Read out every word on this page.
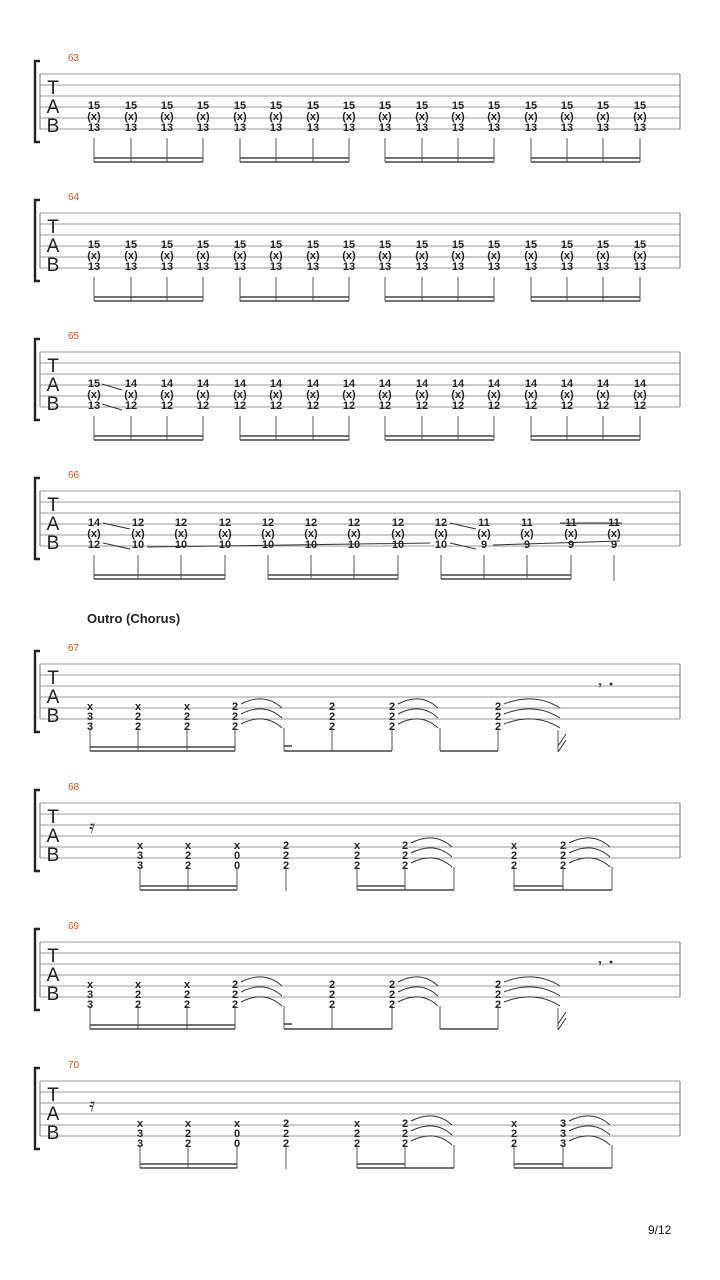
T
A
B
63
15
(x)
13
15
(x)
13
15
(x)
13
15
(x)
13
15
(x)
13
15
(x)
13
15
(x)
13
15
(x)
13
15
(x)
13
15
(x)
13
15
(x)
13
15
(x)
13
15
(x)
13
15
(x)
13
15
(x)
13
15
(x)
13
T
A
B
64
15
(x)
13
15
(x)
13
15
(x)
13
15
(x)
13
15
(x)
13
15
(x)
13
15
(x)
13
15
(x)
13
15
(x)
13
15
(x)
13
15
(x)
13
15
(x)
13
15
(x)
13
15
(x)
13
15
(x)
13
15
(x)
13
T
A
B
65
15
(x)
13
14
(x)
12
14
(x)
12
14
(x)
12
14
(x)
12
14
(x)
12
14
(x)
12
14
(x)
12
14
(x)
12
14
(x)
12
14
(x)
12
14
(x)
12
14
(x)
12
14
(x)
12
14
(x)
12
14
(x)
12
T
A
B
66
14
(x)
12
12
(x)
10
12
(x)
10
12
(x)
10
12
(x)
10
12
(x)
10
12
(x)
10
12
(x)
10
12
(x)
10
11
(x)
9
11
(x)
9
11
(x)
9
11
(x)
9
T
A
B
67
x
3
3
x
2
2
x
2
2
2
2
2
2
2
2
2
2
2
2
2
2
𝄾
T
A
B
69
x
3
3
x
2
2
x
2
2
2
2
2
2
2
2
2
2
2
2
2
2
𝄾
T
A
B
68
x
3
3
x
2
2
x
0
0
2
2
2
x
2
2
2
2
2
x
2
2
2
2
2
𝄿
T
A
B
70
x
3
3
x
2
2
x
0
0
2
2
2
x
2
2
2
2
2
x
2
2
3
3
3
𝄿
Outro (Chorus)
9/12
